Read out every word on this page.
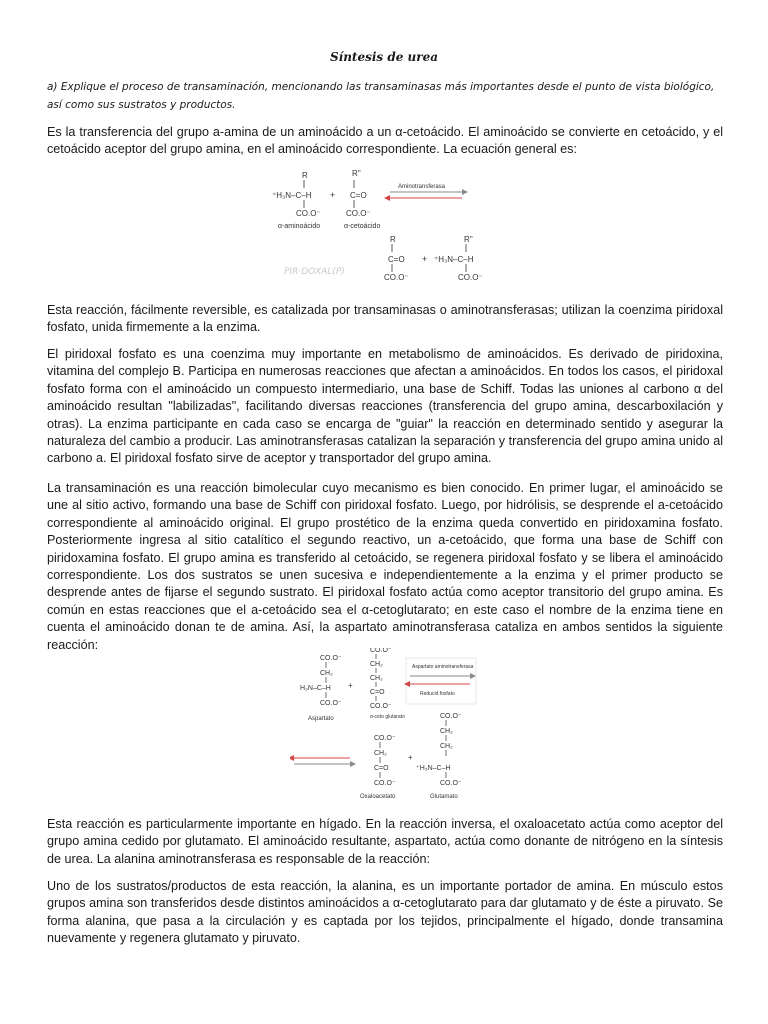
Síntesis de urea
a) Explique el proceso de transaminación, mencionando las transaminasas más importantes desde el punto de vista biológico, así como sus sustratos y productos.
Es la transferencia del grupo a-amina de un aminoácido a un α-cetoácido. El aminoácido se convierte en cetoácido, y el cetoácido aceptor del grupo amina, en el aminoácido correspondiente. La ecuación general es:
R
⁺H₃N–C–H
CO.O⁻
+
R''
C=O
CO.O⁻
Aminotransferasa
α-aminoácido	α-cetoácido
R
C=O
CO.O⁻
+
R''
⁺H₃N–C–H
CO.O⁻
PIR·DOXAL(P)
Esta reacción, fácilmente reversible, es catalizada por transaminasas o aminotransferasas; utilizan la coenzima piridoxal fosfato, unida firmemente a la enzima.
El piridoxal fosfato es una coenzima muy importante en metabolismo de aminoácidos. Es derivado de piridoxina, vitamina del complejo B. Participa en numerosas reacciones que afectan a aminoácidos. En todos los casos, el piridoxal fosfato forma con el aminoácido un compuesto intermediario, una base de Schiff. Todas las uniones al carbono α del aminoácido resultan "labilizadas", facilitando diversas reacciones (transferencia del grupo amina, descarboxilación y otras). La enzima participante en cada caso se encarga de "guiar" la reacción en determinado sentido y asegurar la naturaleza del cambio a producir. Las aminotransferasas catalizan la separación y transferencia del grupo amina unido al carbono a. El piridoxal fosfato sirve de aceptor y transportador del grupo amina.
La transaminación es una reacción bimolecular cuyo mecanismo es bien conocido. En primer lugar, el aminoácido se une al sitio activo, formando una base de Schiff con piridoxal fosfato. Luego, por hidrólisis, se desprende el a-cetoácido correspondiente al aminoácido original. El grupo prostético de la enzima queda convertido en piridoxamina fosfato. Posteriormente ingresa al sitio catalítico el segundo reactivo, un a-cetoácido, que forma una base de Schiff con piridoxamina fosfato. El grupo amina es transferido al cetoácido, se regenera piridoxal fosfato y se libera el aminoácido correspondiente. Los dos sustratos se unen sucesiva e independientemente a la enzima y el primer producto se desprende antes de fijarse el segundo sustrato. El piridoxal fosfato actúa como aceptor transitorio del grupo amina. Es común en estas reacciones que el a-cetoácido sea el α-cetoglutarato; en este caso el nombre de la enzima tiene en cuenta el aminoácido donan te de amina. Así, la aspartato aminotransferasa cataliza en ambos sentidos la siguiente reacción:
CO.O⁻
CH₂
H₃N–C–H
CO.O⁻
Aspartato
+
CO.O⁻
CH₂
CH₂
C=O
CO.O⁻
α-ceto glutarato
Aspartato aminotransferasa
Reducid fosfato
CO.O⁻
CH₂
C=O
CO.O⁻
Oxaloacetato
+
CO.O⁻
CH₂
CH₂
⁺H₃N–C–H
CO.O⁻
Glutamato
Esta reacción es particularmente importante en hígado. En la reacción inversa, el oxaloacetato actúa como aceptor del grupo amina cedido por glutamato. El aminoácido resultante, aspartato, actúa como donante de nitrógeno en la síntesis de urea. La alanina aminotransferasa es responsable de la reacción:
Uno de los sustratos/productos de esta reacción, la alanina, es un importante portador de amina. En músculo estos grupos amina son transferidos desde distintos aminoácidos a α-cetoglutarato para dar glutamato y de éste a piruvato. Se forma alanina, que pasa a la circulación y es captada por los tejidos, principalmente el hígado, donde transamina nuevamente y regenera glutamato y piruvato.
